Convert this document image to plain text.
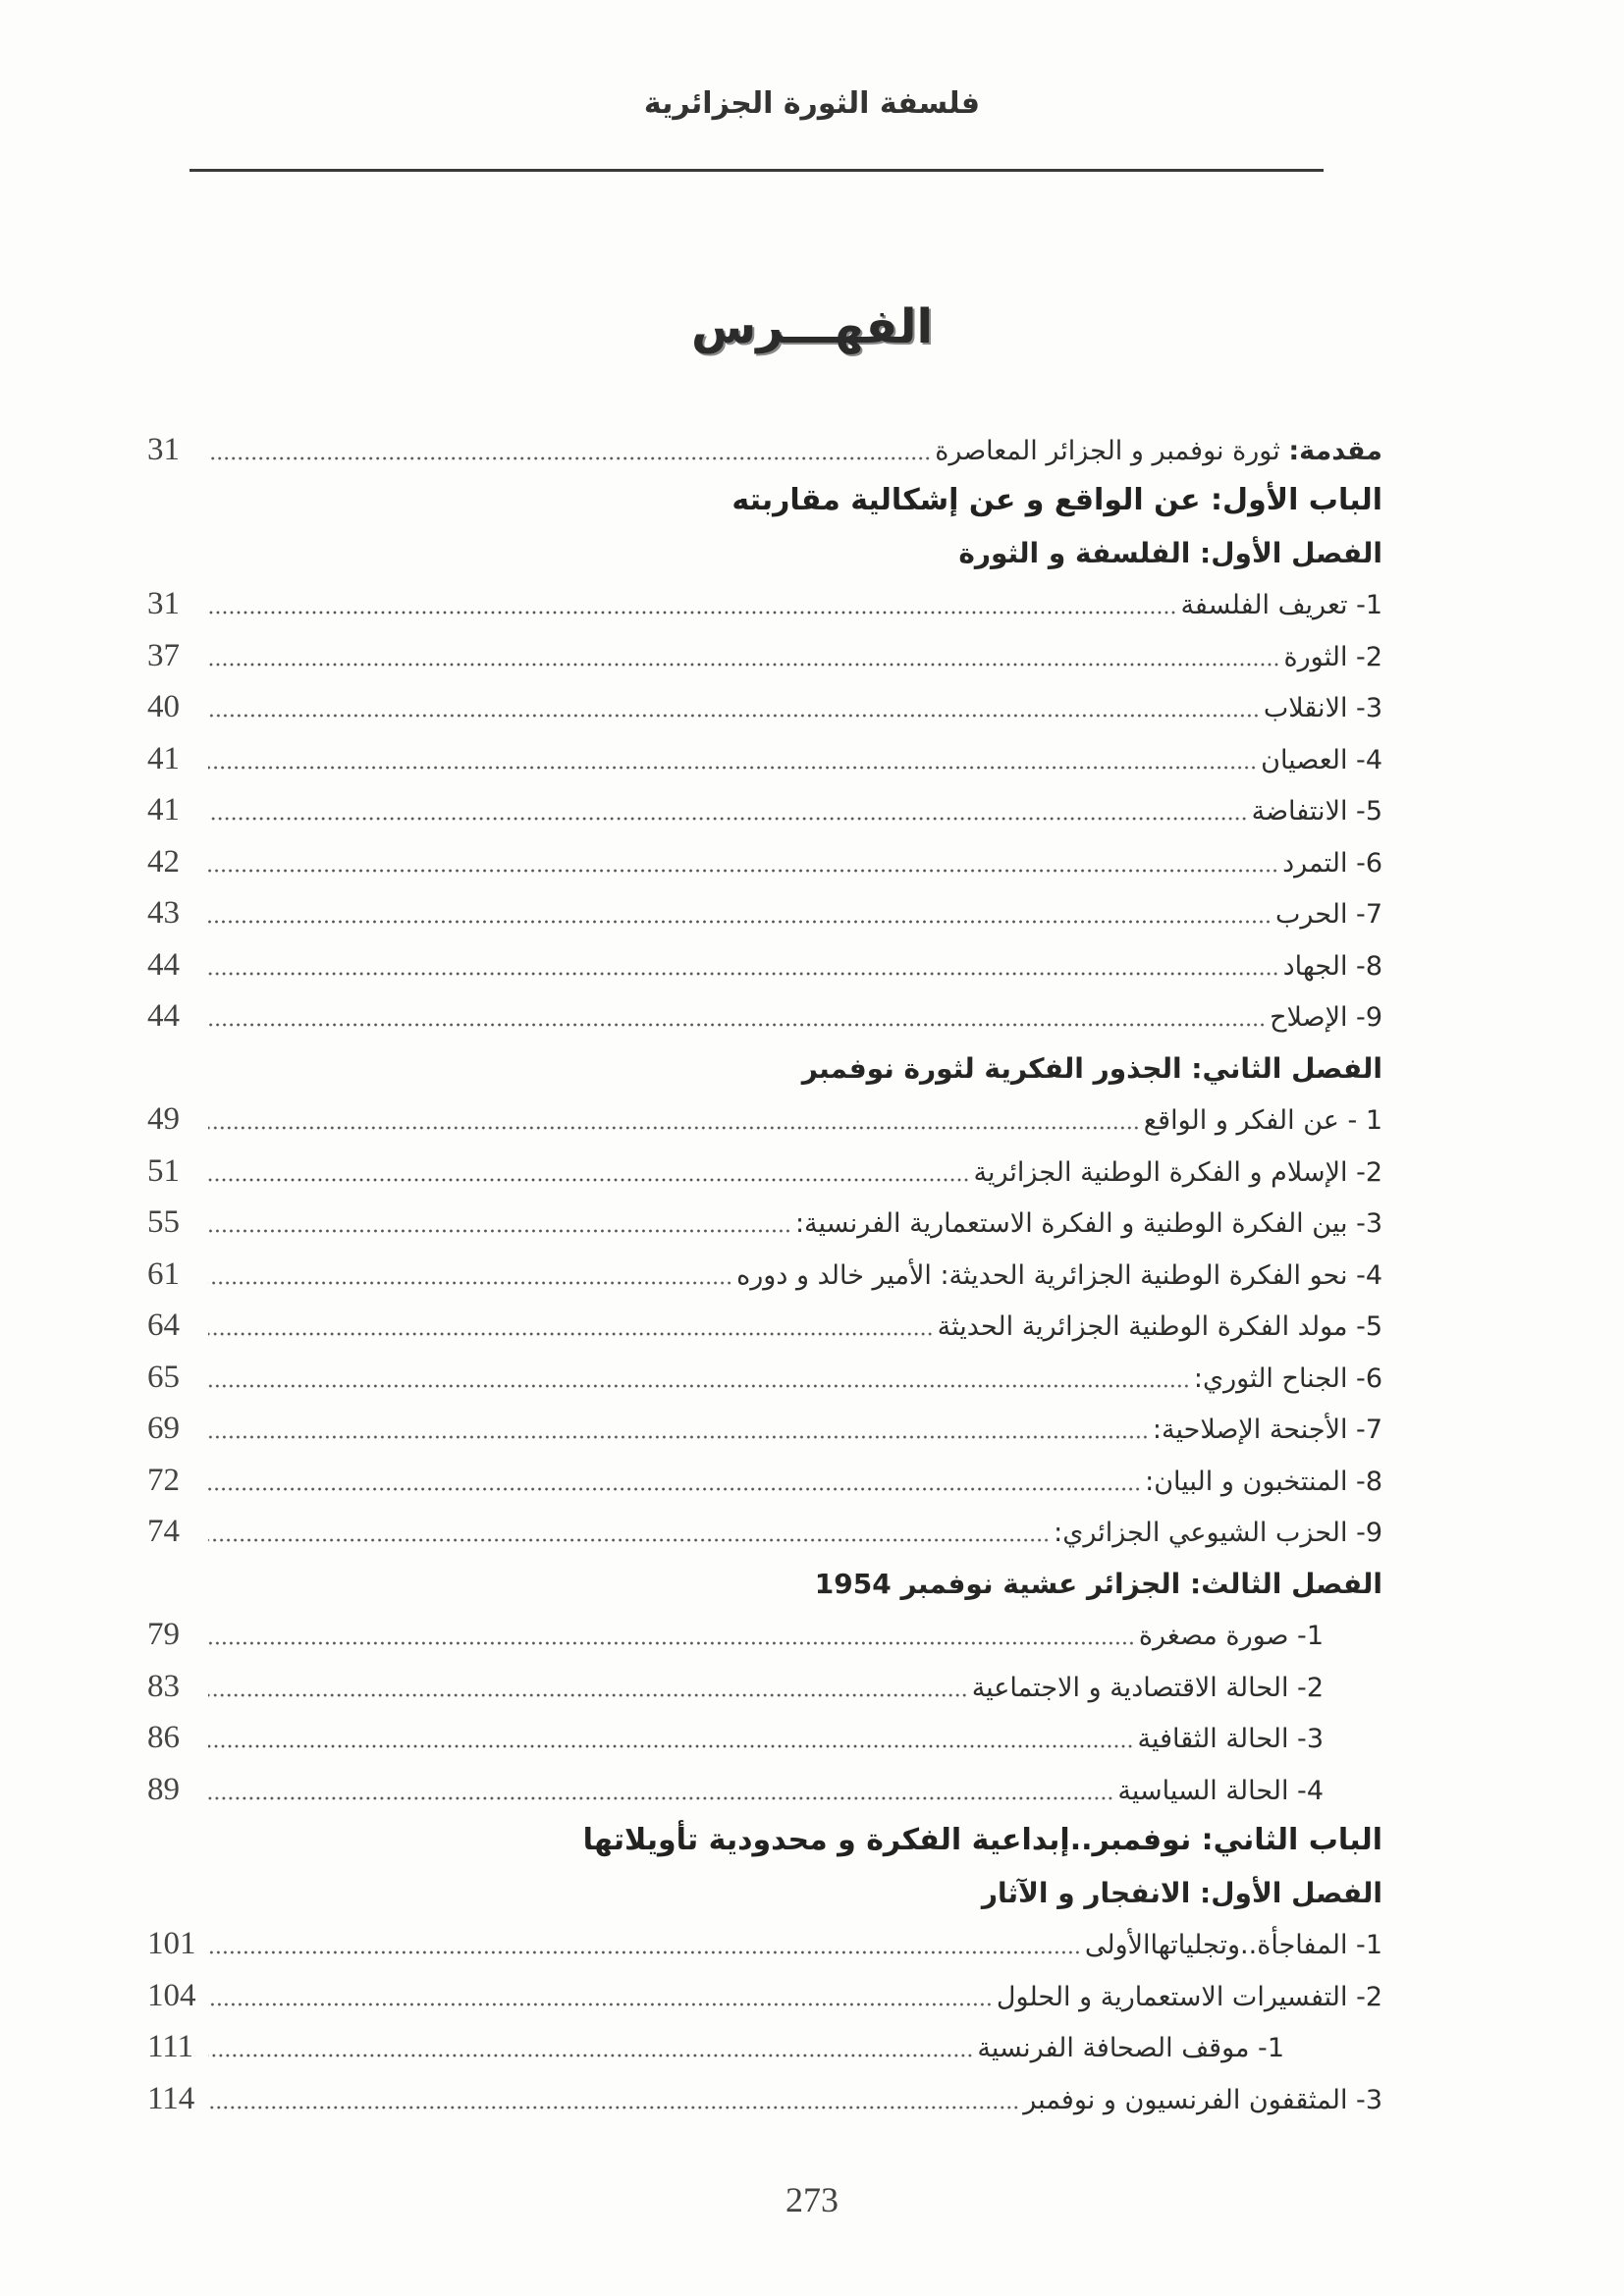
فلسفة الثورة الجزائرية
الفهـــرس
مقدمة: ثورة نوفمبر و الجزائر المعاصرة
31
الباب الأول: عن الواقع و عن إشكالية مقاربته
الفصل الأول: الفلسفة و الثورة
1- تعريف الفلسفة
31
2- الثورة
37
3- الانقلاب
40
4- العصيان
41
5- الانتفاضة
41
6- التمرد
42
7- الحرب
43
8- الجهاد
44
9- الإصلاح
44
الفصل الثاني: الجذور الفكرية لثورة نوفمبر
1 - عن الفكر و الواقع
49
2- الإسلام و الفكرة الوطنية الجزائرية
51
3- بين الفكرة الوطنية و الفكرة الاستعمارية الفرنسية:
55
4- نحو الفكرة الوطنية الجزائرية الحديثة: الأمير خالد و دوره
61
5- مولد الفكرة الوطنية الجزائرية الحديثة
64
6- الجناح الثوري:
65
7- الأجنحة الإصلاحية:
69
8- المنتخبون و البيان:
72
9- الحزب الشيوعي الجزائري:
74
الفصل الثالث: الجزائر عشية نوفمبر 1954
1- صورة مصغرة
79
2- الحالة الاقتصادية و الاجتماعية
83
3- الحالة الثقافية
86
4- الحالة السياسية
89
الباب الثاني: نوفمبر..إبداعية الفكرة و محدودية تأويلاتها
الفصل الأول: الانفجار و الآثار
1- المفاجأة..وتجلياتهاالأولى
101
2- التفسيرات الاستعمارية و الحلول
104
1- موقف الصحافة الفرنسية
111
3- المثقفون الفرنسيون و نوفمبر
114
273
